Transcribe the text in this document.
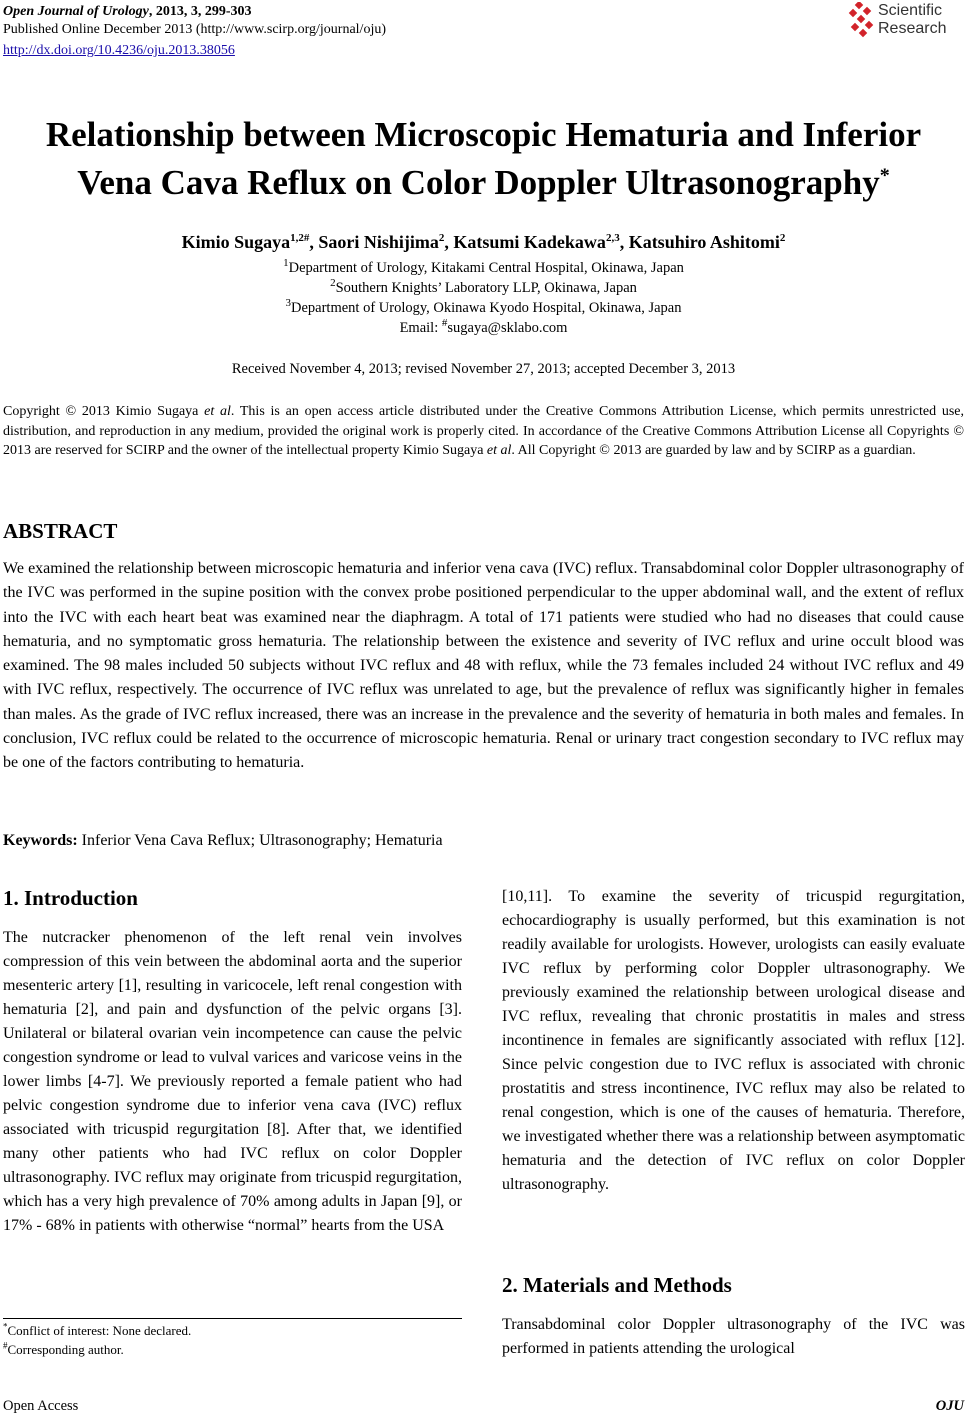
Open Journal of Urology, 2013, 3, 299-303
Published Online December 2013 (http://www.scirp.org/journal/oju)
http://dx.doi.org/10.4236/oju.2013.38056
Scientific
Research
Relationship between Microscopic Hematuria and Inferior
Vena Cava Reflux on Color Doppler Ultrasonography*
Kimio Sugaya$^{1,2\#}$, Saori Nishijima$^2$, Katsumi Kadekawa$^{2,3}$, Katsuhiro Ashitomi$^2$
$^1$Department of Urology, Kitakami Central Hospital, Okinawa, Japan
$^2$Southern Knights’ Laboratory LLP, Okinawa, Japan
$^3$Department of Urology, Okinawa Kyodo Hospital, Okinawa, Japan
Email: #sugaya@sklabo.com
Received November 4, 2013; revised November 27, 2013; accepted December 3, 2013
Copyright © 2013 Kimio Sugaya et al. This is an open access article distributed under the Creative Commons Attribution License, which permits unrestricted use, distribution, and reproduction in any medium, provided the original work is properly cited. In accordance of the Creative Commons Attribution License all Copyrights © 2013 are reserved for SCIRP and the owner of the intellectual property Kimio Sugaya et al. All Copyright © 2013 are guarded by law and by SCIRP as a guardian.
ABSTRACT
We examined the relationship between microscopic hematuria and inferior vena cava (IVC) reflux. Transabdominal color Doppler ultrasonography of the IVC was performed in the supine position with the convex probe positioned perpendicular to the upper abdominal wall, and the extent of reflux into the IVC with each heart beat was examined near the diaphragm. A total of 171 patients were studied who had no diseases that could cause hematuria, and no symptomatic gross hematuria. The relationship between the existence and severity of IVC reflux and urine occult blood was examined. The 98 males included 50 subjects without IVC reflux and 48 with reflux, while the 73 females included 24 without IVC reflux and 49 with IVC reflux, respectively. The occurrence of IVC reflux was unrelated to age, but the prevalence of reflux was significantly higher in females than males. As the grade of IVC reflux increased, there was an increase in the prevalence and the severity of hematuria in both males and females. In conclusion, IVC reflux could be related to the occurrence of microscopic hematuria. Renal or urinary tract congestion secondary to IVC reflux may be one of the factors contributing to hematuria.
Keywords: Inferior Vena Cava Reflux; Ultrasonography; Hematuria
1. Introduction
The nutcracker phenomenon of the left renal vein involves compression of this vein between the abdominal aorta and the superior mesenteric artery [1], resulting in varicocele, left renal congestion with hematuria [2], and pain and dysfunction of the pelvic organs [3]. Unilateral or bilateral ovarian vein incompetence can cause the pelvic congestion syndrome or lead to vulval varices and varicose veins in the lower limbs [4-7]. We previously reported a female patient who had pelvic congestion syndrome due to inferior vena cava (IVC) reflux associated with tricuspid regurgitation [8]. After that, we identified many other patients who had IVC reflux on color Doppler ultrasonography. IVC reflux may originate from tricuspid regurgitation, which has a very high prevalence of 70% among adults in Japan [9], or 17% - 68% in patients with otherwise “normal” hearts from the USA
[10,11]. To examine the severity of tricuspid regurgitation, echocardiography is usually performed, but this examination is not readily available for urologists. However, urologists can easily evaluate IVC reflux by performing color Doppler ultrasonography. We previously examined the relationship between urological disease and IVC reflux, revealing that chronic prostatitis in males and stress incontinence in females are significantly associated with reflux [12]. Since pelvic congestion due to IVC reflux is associated with chronic prostatitis and stress incontinence, IVC reflux may also be related to renal congestion, which is one of the causes of hematuria. Therefore, we investigated whether there was a relationship between asymptomatic hematuria and the detection of IVC reflux on color Doppler ultrasonography.
2. Materials and Methods
Transabdominal color Doppler ultrasonography of the IVC was performed in patients attending the urological
*Conflict of interest: None declared.
#Corresponding author.
Open Access	OJU
